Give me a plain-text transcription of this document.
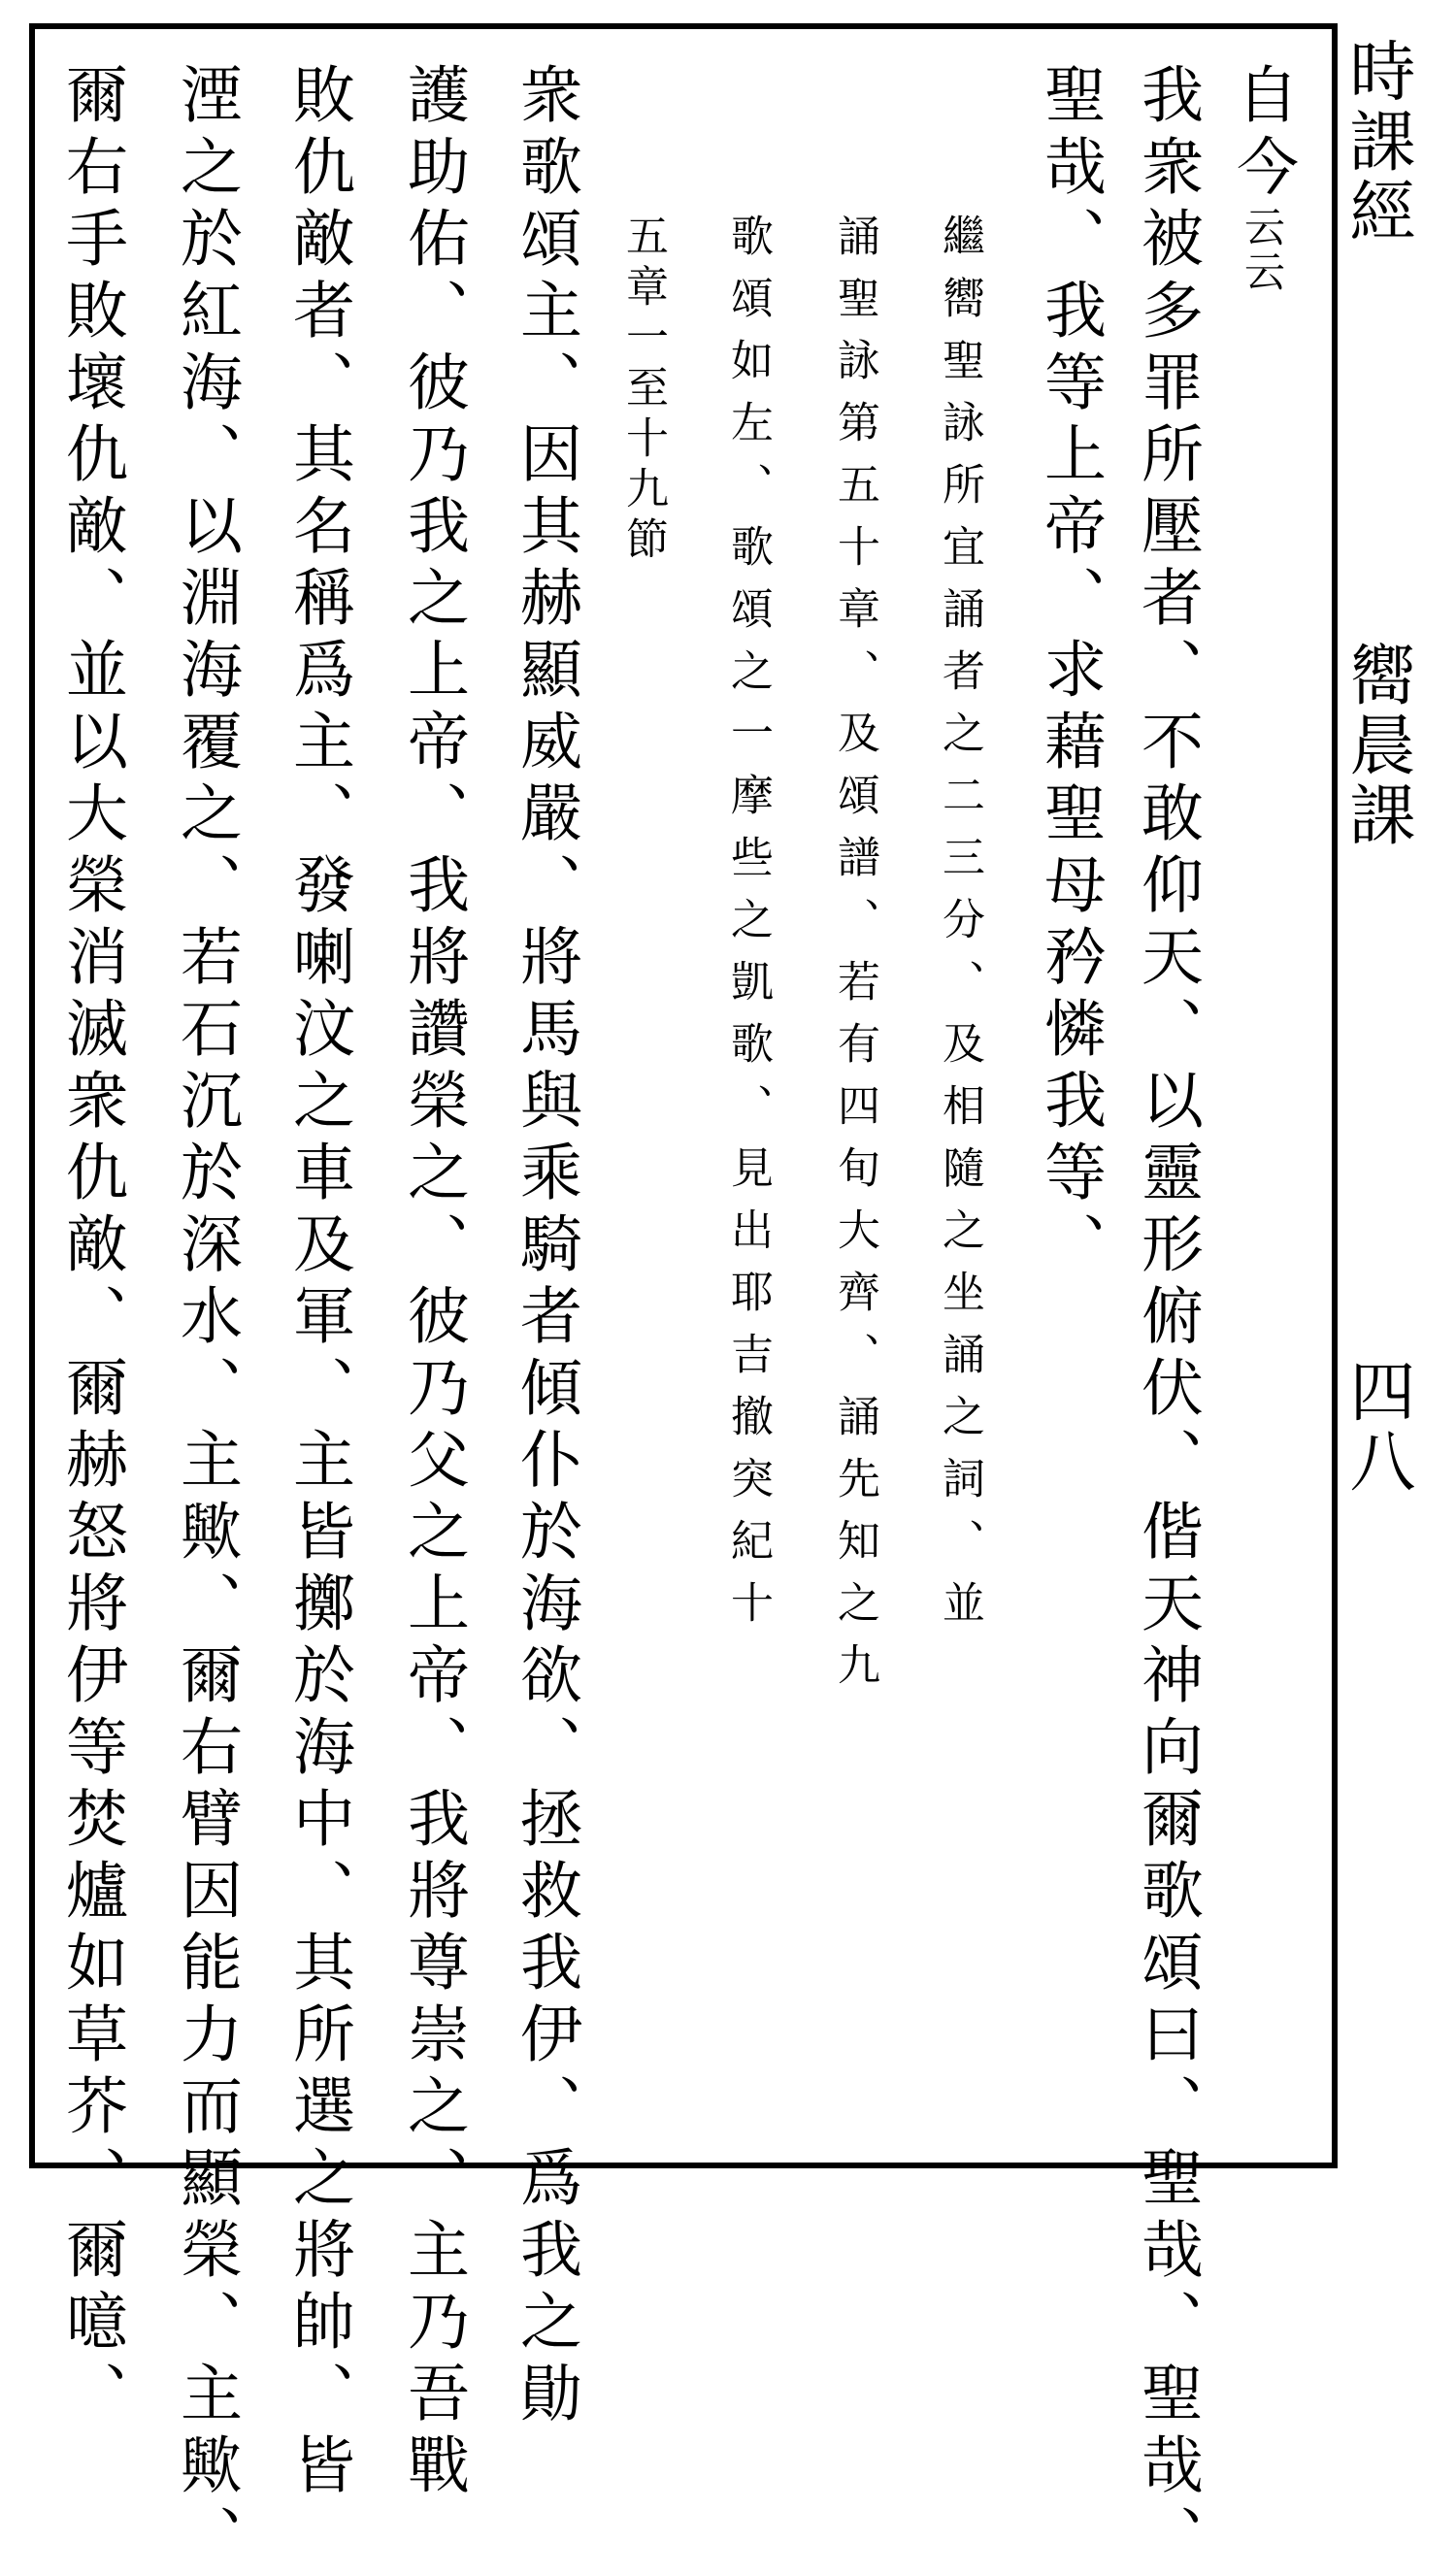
時課經
嚮晨課
四八
自今云云
我衆被多罪所壓者、不敢仰天、以靈形俯伏、偕天神向爾歌頌曰、聖哉、聖哉、
聖哉、我等上帝、求藉聖母矜憐我等、
繼嚮聖詠所宜誦者之二三分、及相隨之坐誦之詞、並
誦聖詠第五十章、及頌譜、若有四旬大齊、誦先知之九
歌頌如左、歌頌之一摩些之凱歌、見出耶吉撤突紀十
五章一至十九節
衆歌頌主、因其赫顯威嚴、將馬與乘騎者傾仆於海欲、拯救我伊、爲我之勛
護助佑、彼乃我之上帝、我將讚榮之、彼乃父之上帝、我將尊崇之、主乃吾戰
敗仇敵者、其名稱爲主、發喇汶之車及軍、主皆擲於海中、其所選之將帥、皆
湮之於紅海、以淵海覆之、若石沉於深水、主歟、爾右臂因能力而顯榮、主歟、
爾右手敗壞仇敵、並以大榮消滅衆仇敵、爾赫怒將伊等焚爐如草芥、爾噫、
